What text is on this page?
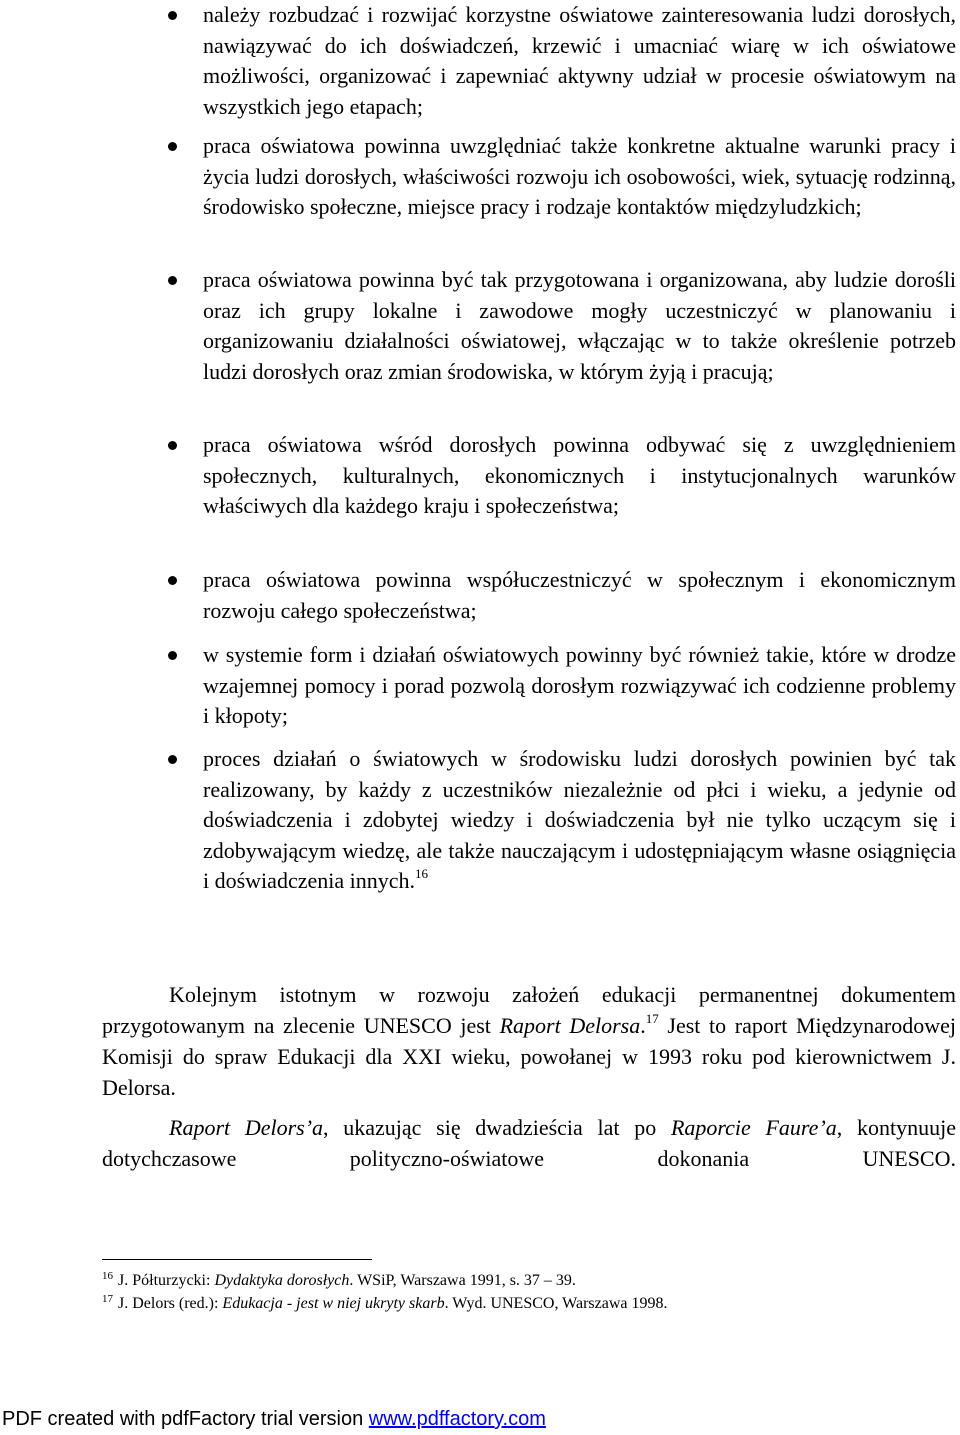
należy rozbudzać i rozwijać korzystne oświatowe zainteresowania ludzi dorosłych, nawiązywać do ich doświadczeń, krzewić i umacniać wiarę w ich oświatowe możliwości, organizować i zapewniać aktywny udział w procesie oświatowym na wszystkich jego etapach;
praca oświatowa powinna uwzględniać także konkretne aktualne warunki pracy i życia ludzi dorosłych, właściwości rozwoju ich osobowości, wiek, sytuację rodzinną, środowisko społeczne, miejsce pracy i rodzaje kontaktów międzyludzkich;
praca oświatowa powinna być tak przygotowana i organizowana, aby ludzie dorośli oraz ich grupy lokalne i zawodowe mogły uczestniczyć w planowaniu i organizowaniu działalności oświatowej, włączając w to także określenie potrzeb ludzi dorosłych oraz zmian środowiska, w którym żyją i pracują;
praca oświatowa wśród dorosłych powinna odbywać się z uwzględnieniem społecznych, kulturalnych, ekonomicznych i instytucjonalnych warunków właściwych dla każdego kraju i społeczeństwa;
praca oświatowa powinna współuczestniczyć w społecznym i ekonomicznym rozwoju całego społeczeństwa;
w systemie form i działań oświatowych powinny być również takie, które w drodze wzajemnej pomocy i porad pozwolą dorosłym rozwiązywać ich codzienne problemy i kłopoty;
proces działań o światowych w środowisku ludzi dorosłych powinien być tak realizowany, by każdy z uczestników niezależnie od płci i wieku, a jedynie od doświadczenia i zdobytej wiedzy i doświadczenia był nie tylko uczącym się i zdobywającym wiedzę, ale także nauczającym i udostępniającym własne osiągnięcia i doświadczenia innych.$^{16}$

Kolejnym istotnym w rozwoju założeń edukacji permanentnej dokumentem przygotowanym na zlecenie UNESCO jest Raport Delorsa.$^{17}$ Jest to raport Międzynarodowej Komisji do spraw Edukacji dla XXI wieku, powołanej w 1993 roku pod kierownictwem J. Delorsa.

Raport Delors’a, ukazując się dwadzieścia lat po Raporcie Faure’a, kontynuuje dotychczasowe polityczno-oświatowe dokonania UNESCO.

$^{16}$ J. Półturzycki: Dydaktyka dorosłych. WSiP, Warszawa 1991, s. 37 – 39.

$^{17}$ J. Delors (red.): Edukacja - jest w niej ukryty skarb. Wyd. UNESCO, Warszawa 1998.

PDF created with pdfFactory trial version www.pdffactory.com
